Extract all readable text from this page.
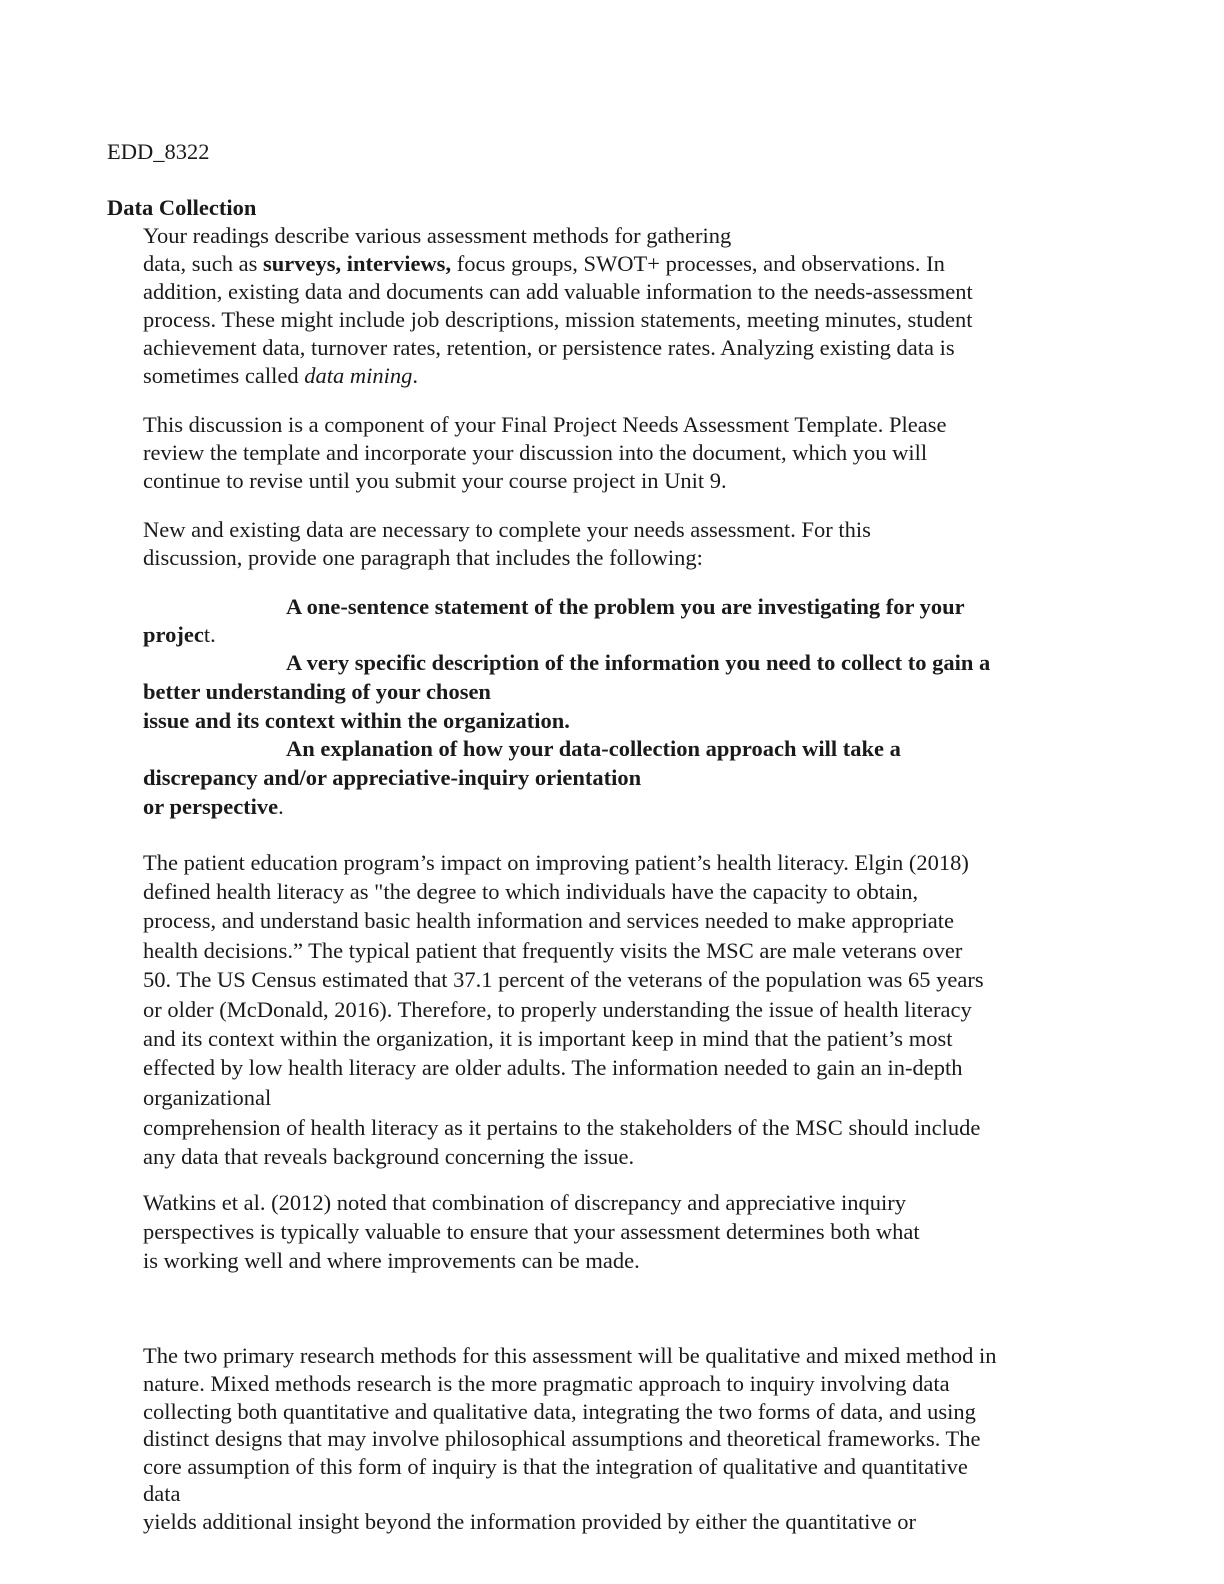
EDD_8322
Data Collection
Your readings describe various assessment methods for gathering
data, such as surveys, interviews, focus groups, SWOT+ processes, and observations. In
addition, existing data and documents can add valuable information to the needs-assessment
process. These might include job descriptions, mission statements, meeting minutes, student
achievement data, turnover rates, retention, or persistence rates. Analyzing existing data is
sometimes called data mining.
This discussion is a component of your Final Project Needs Assessment Template. Please
review the template and incorporate your discussion into the document, which you will
continue to revise until you submit your course project in Unit 9.
New and existing data are necessary to complete your needs assessment. For this
discussion, provide one paragraph that includes the following:
A one-sentence statement of the problem you are investigating for your
project.
A very specific description of the information you need to collect to gain a
better understanding of your chosen
issue and its context within the organization.
An explanation of how your data-collection approach will take a
discrepancy and/or appreciative-inquiry orientation
or perspective.
The patient education program’s impact on improving patient’s health literacy. Elgin (2018)
defined health literacy as "the degree to which individuals have the capacity to obtain,
process, and understand basic health information and services needed to make appropriate
health decisions.” The typical patient that frequently visits the MSC are male veterans over
50. The US Census estimated that 37.1 percent of the veterans of the population was 65 years
or older (McDonald, 2016). Therefore, to properly understanding the issue of health literacy
and its context within the organization, it is important keep in mind that the patient’s most
effected by low health literacy are older adults. The information needed to gain an in-depth
organizational
comprehension of health literacy as it pertains to the stakeholders of the MSC should include
any data that reveals background concerning the issue.
Watkins et al. (2012) noted that combination of discrepancy and appreciative inquiry
perspectives is typically valuable to ensure that your assessment determines both what
is working well and where improvements can be made.
The two primary research methods for this assessment will be qualitative and mixed method in
nature. Mixed methods research is the more pragmatic approach to inquiry involving data
collecting both quantitative and qualitative data, integrating the two forms of data, and using
distinct designs that may involve philosophical assumptions and theoretical frameworks. The
core assumption of this form of inquiry is that the integration of qualitative and quantitative
data
yields additional insight beyond the information provided by either the quantitative or
